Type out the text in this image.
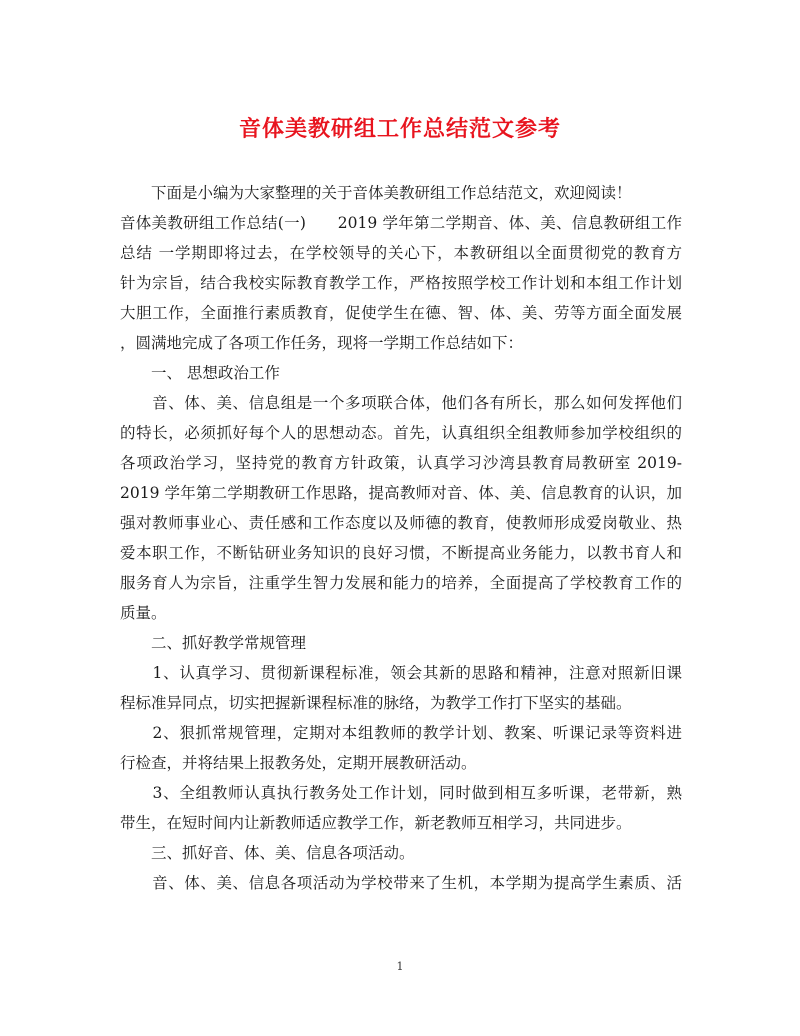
音体美教研组工作总结范文参考
　　下面是小编为大家整理的关于音体美教研组工作总结范文，欢迎阅读！
音体美教研组工作总结(一)　　2019 学年第二学期音、体、美、信息教研组工作
总结 一学期即将过去，在学校领导的关心下，本教研组以全面贯彻党的教育方
针为宗旨，结合我校实际教育教学工作，严格按照学校工作计划和本组工作计划
大胆工作，全面推行素质教育，促使学生在德、智、体、美、劳等方面全面发展
，圆满地完成了各项工作任务，现将一学期工作总结如下：
　　一、 思想政治工作
　　音、体、美、信息组是一个多项联合体，他们各有所长，那么如何发挥他们
的特长，必须抓好每个人的思想动态。首先，认真组织全组教师参加学校组织的
各项政治学习，坚持党的教育方针政策，认真学习沙湾县教育局教研室 2019-
2019 学年第二学期教研工作思路，提高教师对音、体、美、信息教育的认识，加
强对教师事业心、责任感和工作态度以及师德的教育，使教师形成爱岗敬业、热
爱本职工作，不断钻研业务知识的良好习惯，不断提高业务能力，以教书育人和
服务育人为宗旨，注重学生智力发展和能力的培养，全面提高了学校教育工作的
质量。
　　二、抓好教学常规管理
　　1、认真学习、贯彻新课程标准，领会其新的思路和精神，注意对照新旧课
程标准异同点，切实把握新课程标准的脉络，为教学工作打下坚实的基础。
　　2、狠抓常规管理，定期对本组教师的教学计划、教案、听课记录等资料进
行检查，并将结果上报教务处，定期开展教研活动。
　　3、全组教师认真执行教务处工作计划，同时做到相互多听课，老带新，熟
带生，在短时间内让新教师适应教学工作，新老教师互相学习，共同进步。
　　三、抓好音、体、美、信息各项活动。
　　音、体、美、信息各项活动为学校带来了生机，本学期为提高学生素质、活
1
